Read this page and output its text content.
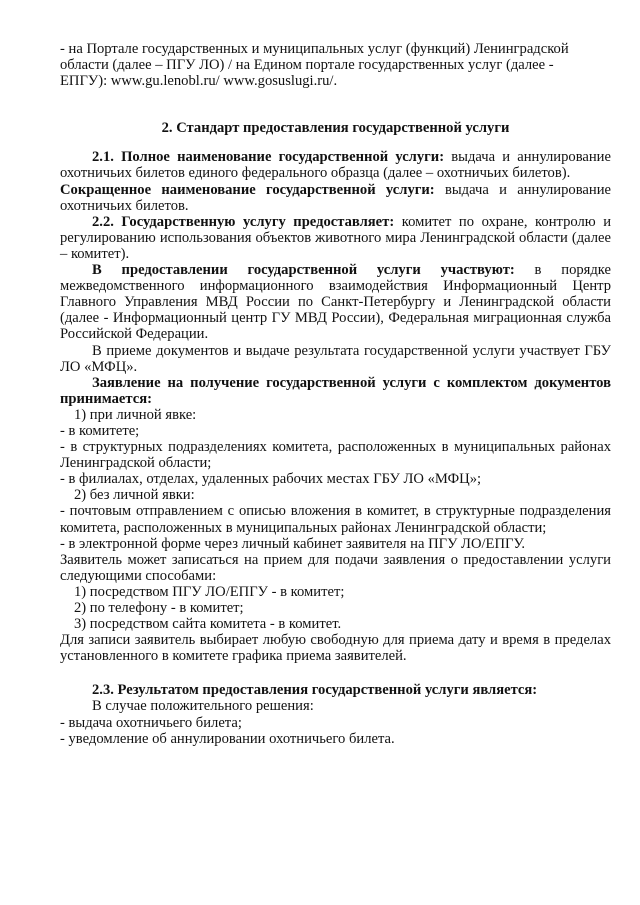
- на Портале государственных и муниципальных услуг (функций) Ленинградской
области (далее – ПГУ ЛО) / на Едином портале государственных услуг (далее -
ЕПГУ): www.gu.lenobl.ru/ www.gosuslugi.ru/.

2. Стандарт предоставления государственной услуги

2.1. Полное наименование государственной услуги: выдача и аннулирование охотничьих билетов единого федерального образца (далее – охотничьих билетов).

Сокращенное наименование государственной услуги: выдача и аннулирование охотничьих билетов.

2.2. Государственную услугу предоставляет: комитет по охране, контролю и регулированию использования объектов животного мира Ленинградской области (далее – комитет).

В предоставлении государственной услуги участвуют: в порядке межведомственного информационного взаимодействия Информационный Центр Главного Управления МВД России по Санкт-Петербургу и Ленинградской области (далее - Информационный центр ГУ МВД России), Федеральная миграционная служба Российской Федерации.

В приеме документов и выдаче результата государственной услуги участвует ГБУ ЛО «МФЦ».

Заявление на получение государственной услуги с комплектом документов принимается:

1) при личной явке:

- в комитете;

- в структурных подразделениях комитета, расположенных в муниципальных районах Ленинградской области;

- в филиалах, отделах, удаленных рабочих местах ГБУ ЛО «МФЦ»;

2) без личной явки:

- почтовым отправлением с описью вложения в комитет, в структурные подразделения комитета, расположенных в муниципальных районах Ленинградской области;

- в электронной форме через личный кабинет заявителя на ПГУ ЛО/ЕПГУ.

Заявитель может записаться на прием для подачи заявления о предоставлении услуги следующими способами:

1) посредством ПГУ ЛО/ЕПГУ - в комитет;

2) по телефону - в комитет;

3) посредством сайта комитета - в комитет.

Для записи заявитель выбирает любую свободную для приема дату и время в пределах установленного в комитете графика приема заявителей.

2.3. Результатом предоставления государственной услуги является:

В случае положительного решения:

- выдача охотничьего билета;

- уведомление об аннулировании охотничьего билета.
